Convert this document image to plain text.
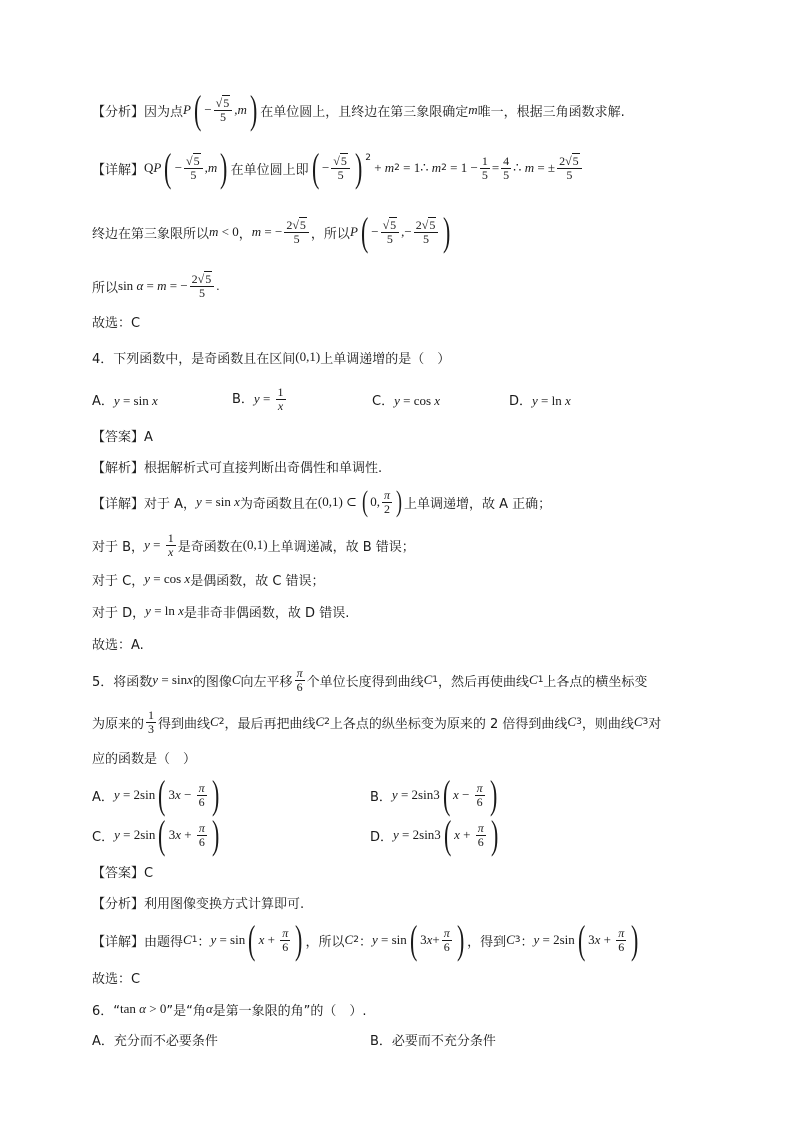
【分析】 因为点 P ( − $\frac{√5}{5}$ , m ) 在单位圆上，且终边在第三象限确定 m 唯一，根据三角函数求解.
【详解】 Q P ( − $\frac{√5}{5}$ , m ) 在单位圆上即 ( − $\frac{√5}{5}$ ) 2
+ m 2 = 1 ∴ m $2 = 1 - \frac{1}{5} = \frac{4}{5}$ ∴ m = ± $\frac{2√5}{5}$
终边在第三象限所以 m < 0 ， m = − $\frac{2√5}{5}$ ，所以 P ( − $\frac{√5}{5}$ ,− $\frac{2√5}{5}$ )
所以 sin α = m = − $\frac{2√5}{5}$ .
故选：C
4．下列函数中，是奇函数且在区间 (0,1) 上单调递增的是（　）
A．y = sin x	B．$y = \frac{1}{x}$	C．y = cos x	D．y = ln x
【答案】A
【解析】根据解析式可直接判断出奇偶性和单调性.
【详解】 对于 A， y = sin x 为奇函数且在 (0,1) ⊂ ( 0, $\frac{\pi}{2}$ ) 上单调递增，故 A 正确；
对于 B， $y = \frac{1}{x}$ 是奇函数在 (0,1) 上单调递减，故 B 错误；
对于 C， y = cos x 是偶函数，故 C 错误；
对于 D， y = ln x 是非奇非偶函数，故 D 错误.
故选：A.
5．将函数 y = sin x 的图像 C 向左平移 $\frac{\pi}{6}$ 个单位长度得到曲线 C 1 ，然后再使曲线 C 1 上各点的横坐标变
为原来的 $\frac{1}{3}$ 得到曲线 C 2 ，最后再把曲线 C 2 上各点的纵坐标变为原来的 2 倍得到曲线 C 3 ，则曲线 C 3 对
应的函数是（　）
A． y = 2sin ( 3 $x - \frac{\pi}{6}$ )	B． y = 2sin3 ( $x - \frac{\pi}{6}$ )
C． y = 2sin ( 3 $x + \frac{\pi}{6}$ )	D． y = 2sin3 ( $x + \frac{\pi}{6}$ )
【答案】C
【分析】利用图像变换方式计算即可.
【详解】由题得 C 1 ： y = sin ( $x + \frac{\pi}{6}$ ) ，所以 C 2 ： y = sin ( 3 $x + \frac{\pi}{6}$ ) ，得到 C 3 ： y = 2sin ( 3 $x + \frac{\pi}{6}$ )
故选：C
6．“ tan α > 0 ”是“角 α 是第一象限的角”的（　）.
A．充分而不必要条件	B．必要而不充分条件
